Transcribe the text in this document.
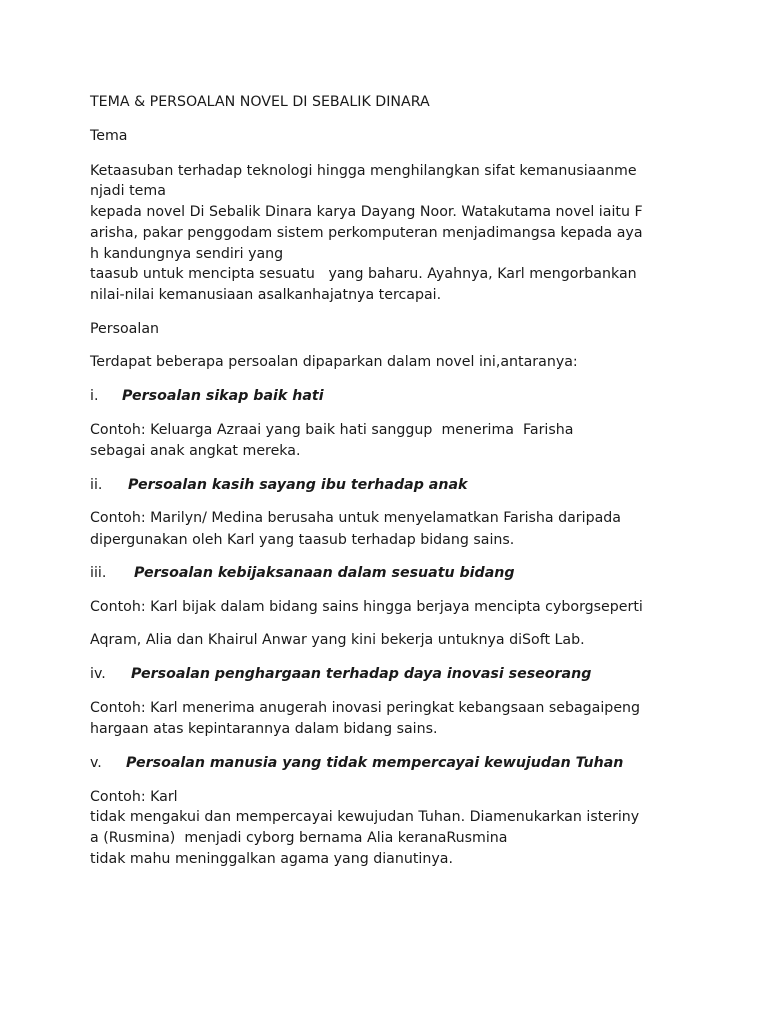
TEMA & PERSOALAN NOVEL DI SEBALIK DINARA
Tema
Ketaasuban terhadap teknologi hingga menghilangkan sifat kemanusiaanme
njadi tema
kepada novel Di Sebalik Dinara karya Dayang Noor. Watakutama novel iaitu F
arisha, pakar penggodam sistem perkomputeran menjadimangsa kepada aya
h kandungnya sendiri yang
taasub untuk mencipta sesuatu   yang baharu. Ayahnya, Karl mengorbankan
nilai-nilai kemanusiaan asalkanhajatnya tercapai.
Persoalan
Terdapat beberapa persoalan dipaparkan dalam novel ini,antaranya:
i. Persoalan sikap baik hati
Contoh: Keluarga Azraai yang baik hati sanggup  menerima  Farisha
sebagai anak angkat mereka.
ii. Persoalan kasih sayang ibu terhadap anak
Contoh: Marilyn/ Medina berusaha untuk menyelamatkan Farisha daripada
dipergunakan oleh Karl yang taasub terhadap bidang sains.
iii. Persoalan kebijaksanaan dalam sesuatu bidang
Contoh: Karl bijak dalam bidang sains hingga berjaya mencipta cyborgseperti
Aqram, Alia dan Khairul Anwar yang kini bekerja untuknya diSoft Lab.
iv. Persoalan penghargaan terhadap daya inovasi seseorang
Contoh: Karl menerima anugerah inovasi peringkat kebangsaan sebagaipeng
hargaan atas kepintarannya dalam bidang sains.
v. Persoalan manusia yang tidak mempercayai kewujudan Tuhan
Contoh: Karl
tidak mengakui dan mempercayai kewujudan Tuhan. Diamenukarkan isteriny
a (Rusmina)  menjadi cyborg bernama Alia keranaRusmina
tidak mahu meninggalkan agama yang dianutinya.
